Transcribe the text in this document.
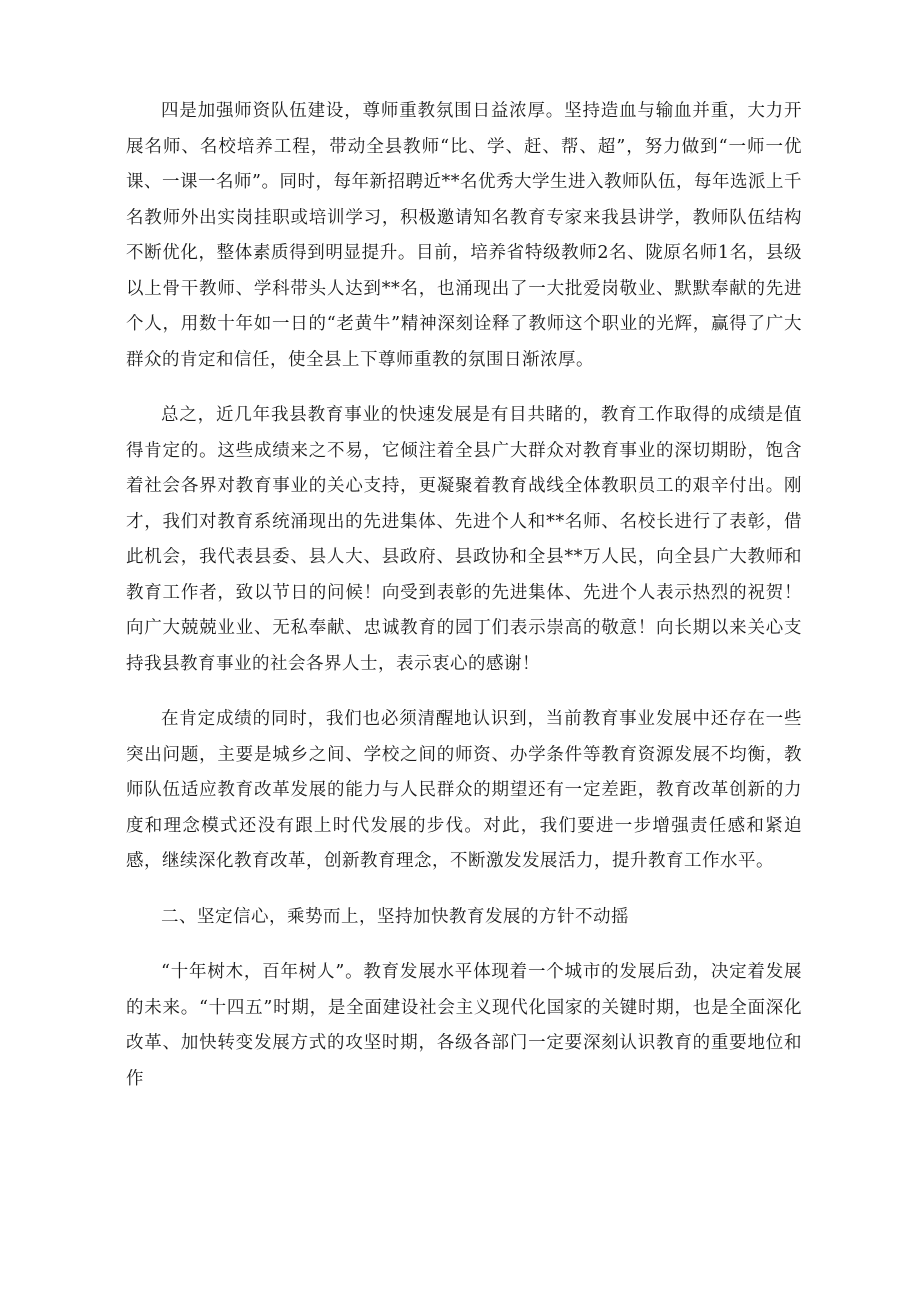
四是加强师资队伍建设，尊师重教氛围日益浓厚。坚持造血与输血并重，大力开展名师、名校培养工程，带动全县教师“比、学、赶、帮、超”，努力做到“一师一优课、一课一名师”。同时，每年新招聘近**名优秀大学生进入教师队伍，每年选派上千名教师外出实岗挂职或培训学习，积极邀请知名教育专家来我县讲学，教师队伍结构不断优化，整体素质得到明显提升。目前，培养省特级教师2名、陇原名师1名，县级以上骨干教师、学科带头人达到**名，也涌现出了一大批爱岗敬业、默默奉献的先进个人，用数十年如一日的“老黄牛”精神深刻诠释了教师这个职业的光辉，赢得了广大群众的肯定和信任，使全县上下尊师重教的氛围日渐浓厚。

总之，近几年我县教育事业的快速发展是有目共睹的，教育工作取得的成绩是值得肯定的。这些成绩来之不易，它倾注着全县广大群众对教育事业的深切期盼，饱含着社会各界对教育事业的关心支持，更凝聚着教育战线全体教职员工的艰辛付出。刚才，我们对教育系统涌现出的先进集体、先进个人和**名师、名校长进行了表彰，借此机会，我代表县委、县人大、县政府、县政协和全县**万人民，向全县广大教师和教育工作者，致以节日的问候！向受到表彰的先进集体、先进个人表示热烈的祝贺！向广大兢兢业业、无私奉献、忠诚教育的园丁们表示崇高的敬意！向长期以来关心支持我县教育事业的社会各界人士，表示衷心的感谢！

在肯定成绩的同时，我们也必须清醒地认识到，当前教育事业发展中还存在一些突出问题，主要是城乡之间、学校之间的师资、办学条件等教育资源发展不均衡，教师队伍适应教育改革发展的能力与人民群众的期望还有一定差距，教育改革创新的力度和理念模式还没有跟上时代发展的步伐。对此，我们要进一步增强责任感和紧迫感，继续深化教育改革，创新教育理念，不断激发发展活力，提升教育工作水平。

二、坚定信心，乘势而上，坚持加快教育发展的方针不动摇

“十年树木，百年树人”。教育发展水平体现着一个城市的发展后劲，决定着发展的未来。“十四五”时期，是全面建设社会主义现代化国家的关键时期，也是全面深化改革、加快转变发展方式的攻坚时期，各级各部门一定要深刻认识教育的重要地位和作
